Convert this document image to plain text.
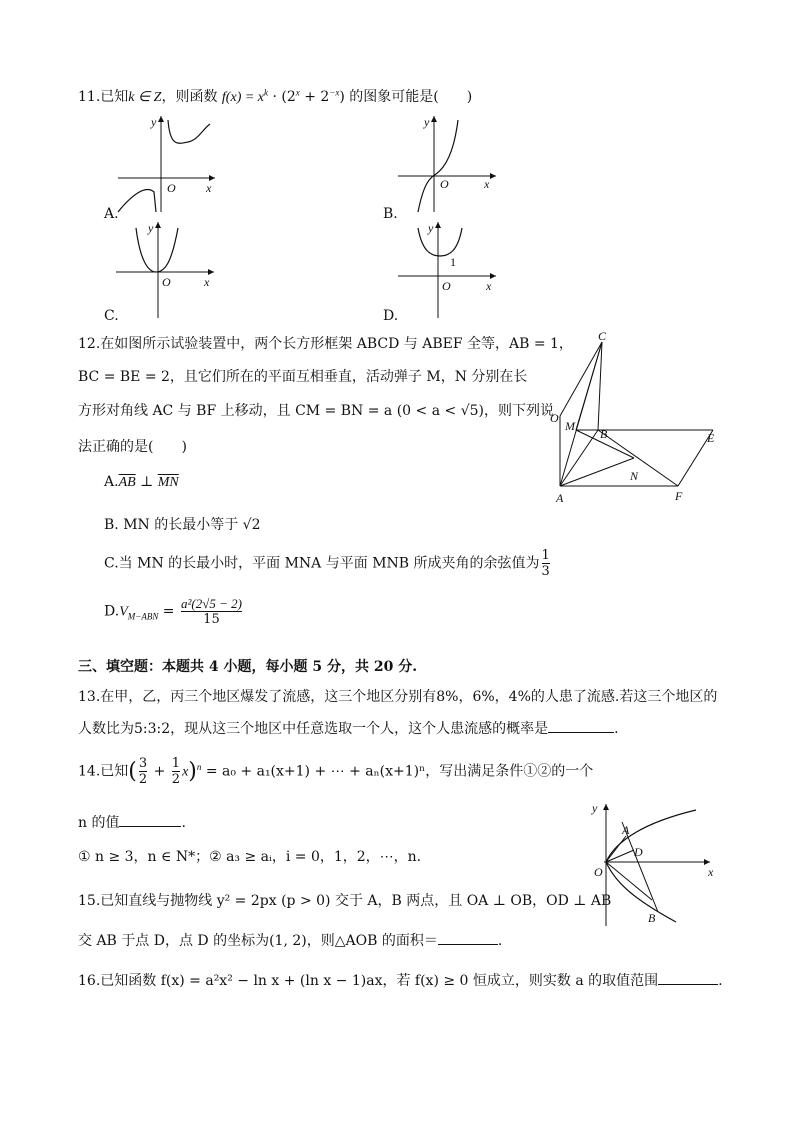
11.已知k ∈ Z，则函数 $f(x) = x^k \cdot (2^x + 2^{-x})$ 的图象可能是(　　)
y
x
O
A.
y
x
O
B.
y
x
O
C.
y
x
O
1
D.
12.在如图所示试验装置中，两个长方形框架 ABCD 与 ABEF 全等，AB = 1，
BC = BE = 2，且它们所在的平面互相垂直，活动弹子 M，N 分别在长
方形对角线 AC 与 BF 上移动，且 CM = BN = a (0 < a < √5)，则下列说
法正确的是(　　)
C
O
M
B	E
N
A	F
$A.\overline{AB}$ ⊥ $\overline{MN}$
B. MN 的长最小等于 √2
C.当 MN 的长最小时，平面 MNA 与平面 MNB 所成夹角的余弦值为 $\frac{1}{3}$
$D.V_{M-ABN} = \frac{\text{a²(2√5 − 2)}}{15}$
三、填空题：本题共 4 小题，每小题 5 分，共 20 分.
13.在甲，乙，丙三个地区爆发了流感，这三个地区分别有8%，6%，4%的人患了流感.若这三个地区的
人数比为5:3:2，现从这三个地区中任意选取一个人，这个人患流感的概率是	.
14.已知( $\frac{3}{2} + \frac{1}{2} x)^n = a_0 + a_1(x+1)$ + ⋯ + aₙ(x+1)ⁿ，写出满足条件①②的一个
n 的值	.
① n ≥ 3，n ∈ N*；② a₃ ≥ aᵢ，i = 0，1，2，⋯，n.
y
x
O
A
D
B
15.已知直线与抛物线 y² = 2px (p > 0) 交于 A，B 两点，且 OA ⊥ OB，OD ⊥ AB
交 AB 于点 D，点 D 的坐标为(1, 2)，则△AOB 的面积＝	.
16.已知函数 f(x) = a²x² − ln x + (ln x − 1)ax，若 f(x) ≥ 0 恒成立，则实数 a 的取值范围	.
